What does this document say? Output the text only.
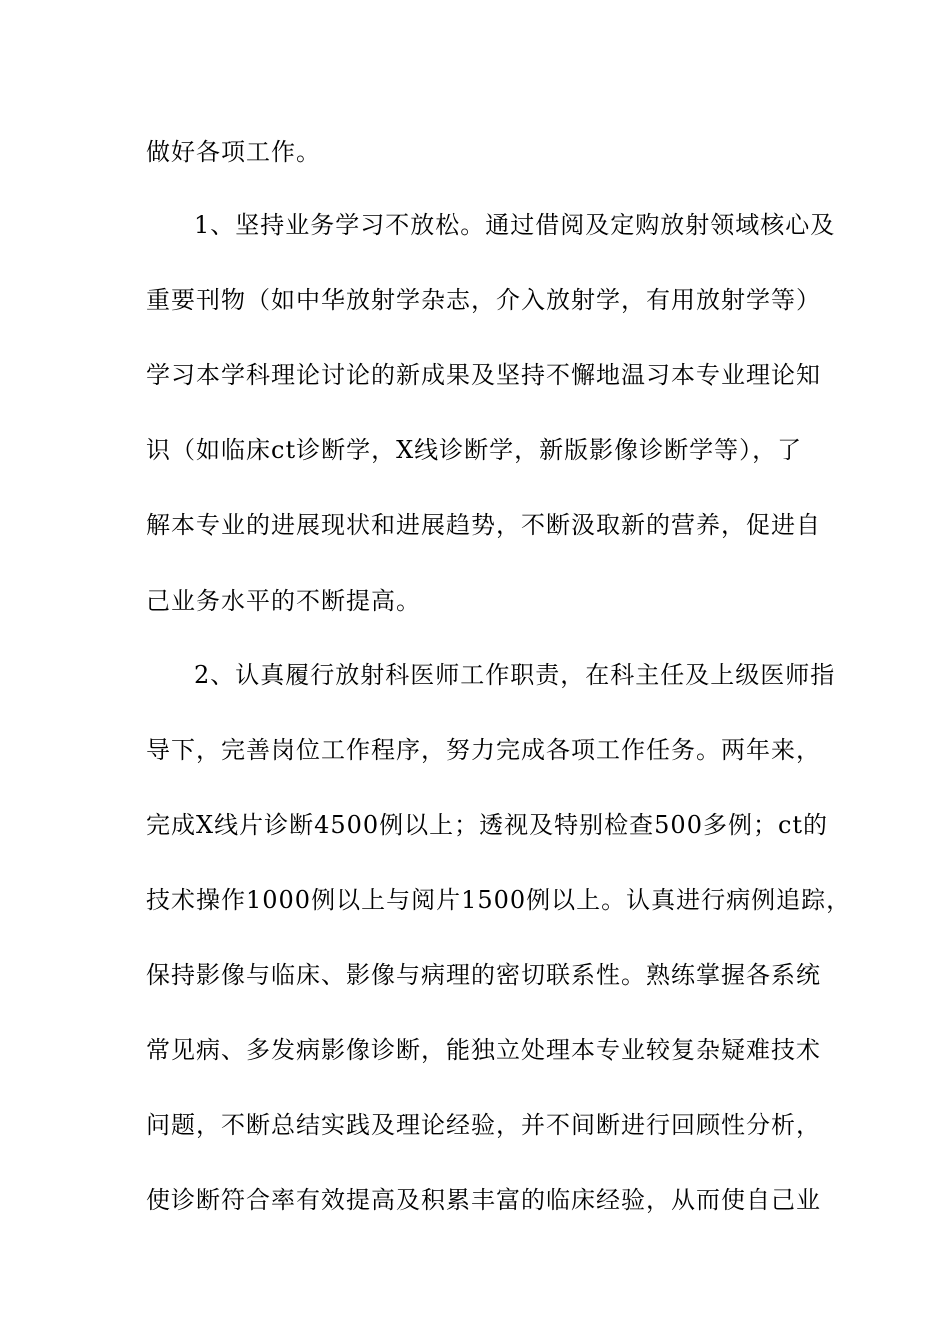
做好各项工作。
1、坚持业务学习不放松。通过借阅及定购放射领域核心及
重要刊物（如中华放射学杂志，介入放射学，有用放射学等）
学习本学科理论讨论的新成果及坚持不懈地温习本专业理论知
识（如临床ct诊断学，X线诊断学，新版影像诊断学等），了
解本专业的进展现状和进展趋势，不断汲取新的营养，促进自
己业务水平的不断提高。
2、认真履行放射科医师工作职责，在科主任及上级医师指
导下，完善岗位工作程序，努力完成各项工作任务。两年来，
完成X线片诊断4500例以上；透视及特别检查500多例；ct的
技术操作1000例以上与阅片1500例以上。认真进行病例追踪，
保持影像与临床、影像与病理的密切联系性。熟练掌握各系统
常见病、多发病影像诊断，能独立处理本专业较复杂疑难技术
问题，不断总结实践及理论经验，并不间断进行回顾性分析，
使诊断符合率有效提高及积累丰富的临床经验，从而使自己业
